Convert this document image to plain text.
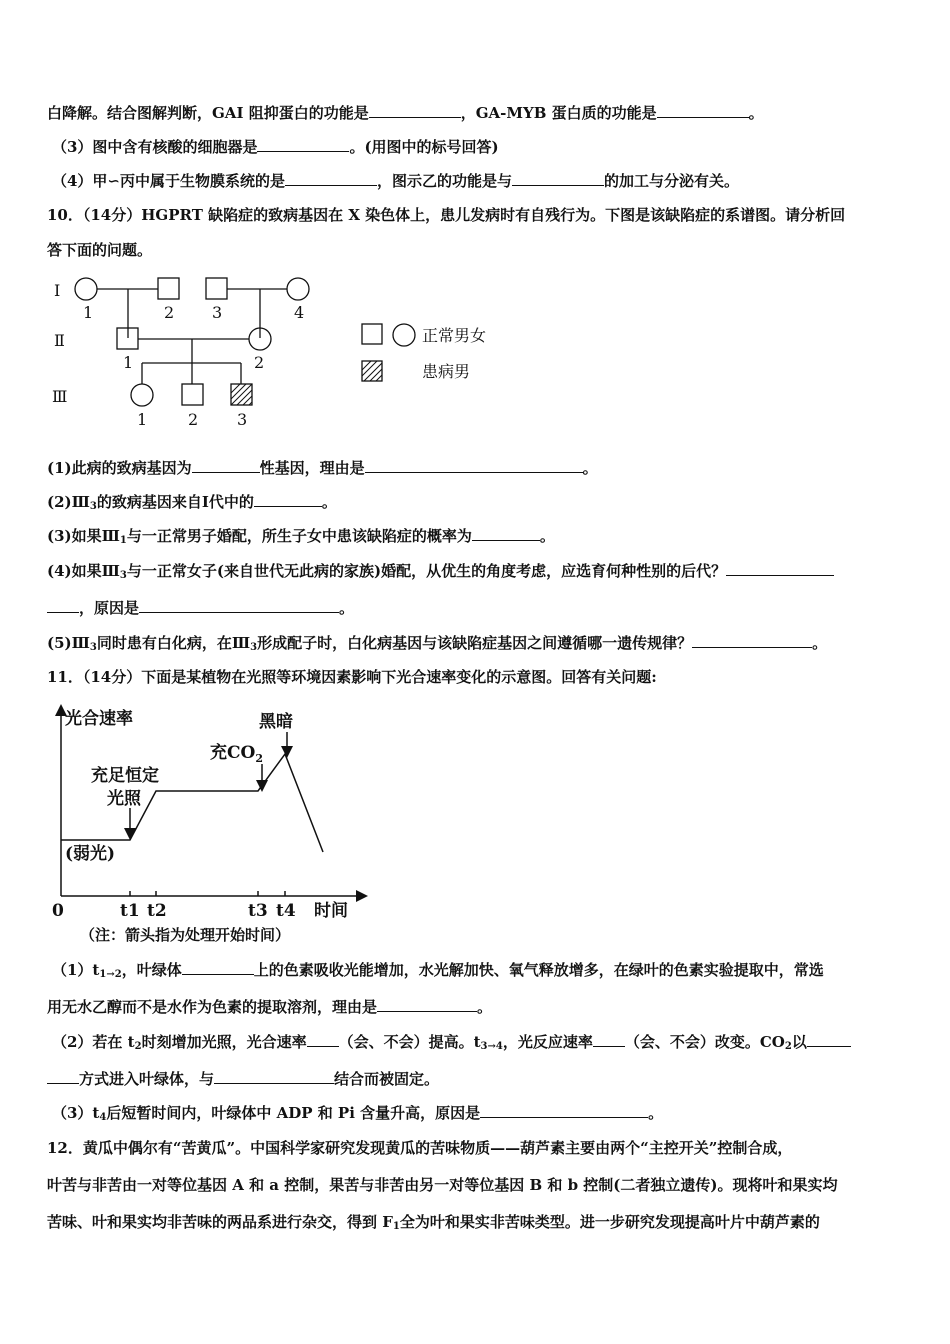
白降解。结合图解判断，GAI 阻抑蛋白的功能是	，GA-MYB 蛋白质的功能是	。
（3）图中含有核酸的细胞器是	。(用图中的标号回答)
（4）甲∽丙中属于生物膜系统的是	，图示乙的功能是与	的加工与分泌有关。
10．（14分）HGPRT 缺陷症的致病基因在 X 染色体上，患儿发病时有自残行为。下图是该缺陷症的系谱图。请分析回
答下面的问题。
Ⅰ
Ⅱ
Ⅲ
1	2 3	4
1	2
1	2 3
正常男女
患病男
(1)此病的致病基因为	性基因，理由是	。
$(2)Ⅲ_3$的致病基因来自Ⅰ代中的	。
(3)如果$Ⅲ_1$与一正常男子婚配，所生子女中患该缺陷症的概率为	。
(4)如果$Ⅲ_3$与一正常女子(来自世代无此病的家族)婚配，从优生的角度考虑，应选育何种性别的后代？
，原因是	。
$(5)Ⅲ_3$同时患有白化病，在$Ⅲ_3$形成配子时，白化病基因与该缺陷症基因之间遵循哪一遗传规律？	。
11．（14分）下面是某植物在光照等环境因素影响下光合速率变化的示意图。回答有关问题:
光合速率
时间
0	t1 t2	t3 t4
(弱光)
充足恒定
光照
充$CO_2$
黑暗
（注：箭头指为处理开始时间）
$(1)t_{1\to 2}$，叶绿体	上的色素吸收光能增加，水光解加快、氧气释放增多，在绿叶的色素实验提取中，常选
用无水乙醇而不是水作为色素的提取溶剂，理由是	。
（2）若在 $t_2$时刻增加光照，光合速率 （会、不会）提高。$t_{3\to 4}$，光反应速率 （会、不会）改变。$CO_2$以
方式进入叶绿体，与	结合而被固定。
$(3)t_4$后短暂时间内，叶绿体中 ADP 和 Pi 含量升高，原因是	。
12．黄瓜中偶尔有“苦黄瓜”。中国科学家研究发现黄瓜的苦味物质——葫芦素主要由两个“主控开关”控制合成，
叶苦与非苦由一对等位基因 A 和 a 控制，果苦与非苦由另一对等位基因 B 和 b 控制(二者独立遗传)。现将叶和果实均
苦味、叶和果实均非苦味的两品系进行杂交，得到 $F_1$全为叶和果实非苦味类型。进一步研究发现提高叶片中葫芦素的
